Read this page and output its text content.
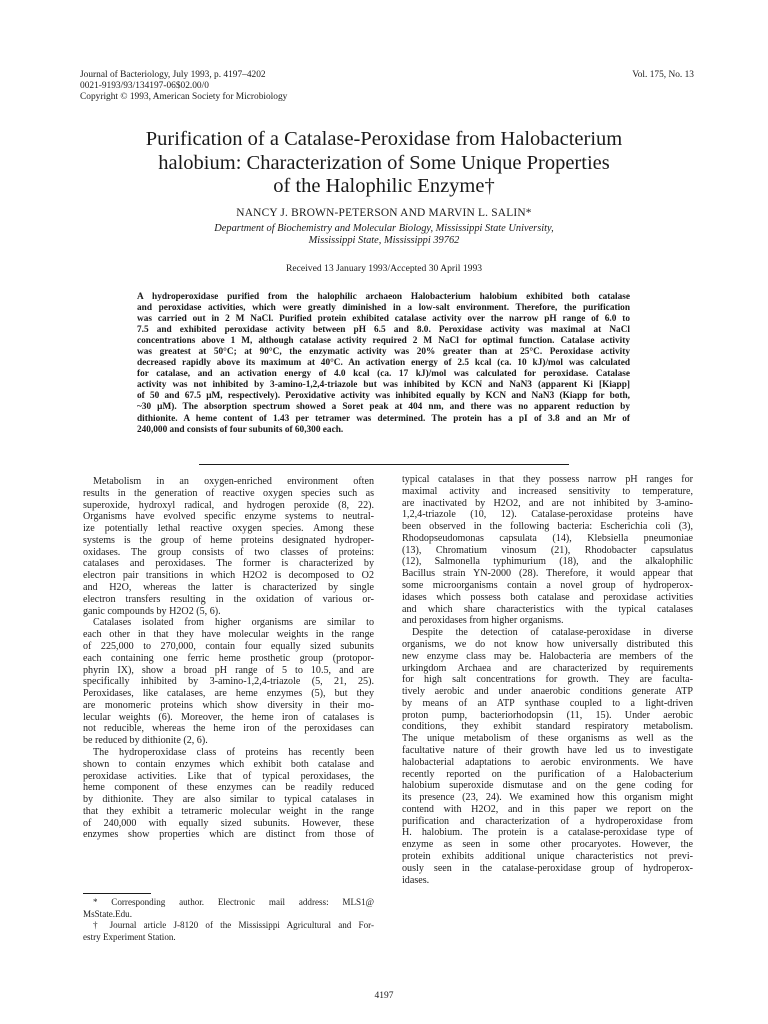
Journal of Bacteriology, July 1993, p. 4197–4202
0021-9193/93/134197-06$02.00/0
Copyright © 1993, American Society for Microbiology
Vol. 175, No. 13
Purification of a Catalase-Peroxidase from Halobacterium
halobium: Characterization of Some Unique Properties
of the Halophilic Enzyme†
NANCY J. BROWN-PETERSON AND MARVIN L. SALIN*
Department of Biochemistry and Molecular Biology, Mississippi State University,
Mississippi State, Mississippi 39762
Received 13 January 1993/Accepted 30 April 1993
A hydroperoxidase purified from the halophilic archaeon Halobacterium halobium exhibited both catalase
and peroxidase activities, which were greatly diminished in a low-salt environment. Therefore, the purification
was carried out in 2 M NaCl. Purified protein exhibited catalase activity over the narrow pH range of 6.0 to
7.5 and exhibited peroxidase activity between pH 6.5 and 8.0. Peroxidase activity was maximal at NaCl
concentrations above 1 M, although catalase activity required 2 M NaCl for optimal function. Catalase activity
was greatest at 50°C; at 90°C, the enzymatic activity was 20% greater than at 25°C. Peroxidase activity
decreased rapidly above its maximum at 40°C. An activation energy of 2.5 kcal (ca. 10 kJ)/mol was calculated
for catalase, and an activation energy of 4.0 kcal (ca. 17 kJ)/mol was calculated for peroxidase. Catalase
activity was not inhibited by 3-amino-1,2,4-triazole but was inhibited by KCN and NaN3 (apparent Ki [Kiapp]
of 50 and 67.5 μM, respectively). Peroxidative activity was inhibited equally by KCN and NaN3 (Kiapp for both,
~30 μM). The absorption spectrum showed a Soret peak at 404 nm, and there was no apparent reduction by
dithionite. A heme content of 1.43 per tetramer was determined. The protein has a pI of 3.8 and an Mr of
240,000 and consists of four subunits of 60,300 each.
Metabolism in an oxygen-enriched environment often
results in the generation of reactive oxygen species such as
superoxide, hydroxyl radical, and hydrogen peroxide (8, 22).
Organisms have evolved specific enzyme systems to neutral-
ize potentially lethal reactive oxygen species. Among these
systems is the group of heme proteins designated hydroper-
oxidases. The group consists of two classes of proteins:
catalases and peroxidases. The former is characterized by
electron pair transitions in which H2O2 is decomposed to O2
and H2O, whereas the latter is characterized by single
electron transfers resulting in the oxidation of various or-
ganic compounds by H2O2 (5, 6).
Catalases isolated from higher organisms are similar to
each other in that they have molecular weights in the range
of 225,000 to 270,000, contain four equally sized subunits
each containing one ferric heme prosthetic group (protopor-
phyrin IX), show a broad pH range of 5 to 10.5, and are
specifically inhibited by 3-amino-1,2,4-triazole (5, 21, 25).
Peroxidases, like catalases, are heme enzymes (5), but they
are monomeric proteins which show diversity in their mo-
lecular weights (6). Moreover, the heme iron of catalases is
not reducible, whereas the heme iron of the peroxidases can
be reduced by dithionite (2, 6).
The hydroperoxidase class of proteins has recently been
shown to contain enzymes which exhibit both catalase and
peroxidase activities. Like that of typical peroxidases, the
heme component of these enzymes can be readily reduced
by dithionite. They are also similar to typical catalases in
that they exhibit a tetrameric molecular weight in the range
of 240,000 with equally sized subunits. However, these
enzymes show properties which are distinct from those of
typical catalases in that they possess narrow pH ranges for
maximal activity and increased sensitivity to temperature,
are inactivated by H2O2, and are not inhibited by 3-amino-
1,2,4-triazole (10, 12). Catalase-peroxidase proteins have
been observed in the following bacteria: Escherichia coli (3),
Rhodopseudomonas capsulata (14), Klebsiella pneumoniae
(13), Chromatium vinosum (21), Rhodobacter capsulatus
(12), Salmonella typhimurium (18), and the alkalophilic
Bacillus strain YN-2000 (28). Therefore, it would appear that
some microorganisms contain a novel group of hydroperox-
idases which possess both catalase and peroxidase activities
and which share characteristics with the typical catalases
and peroxidases from higher organisms.
Despite the detection of catalase-peroxidase in diverse
organisms, we do not know how universally distributed this
new enzyme class may be. Halobacteria are members of the
urkingdom Archaea and are characterized by requirements
for high salt concentrations for growth. They are faculta-
tively aerobic and under anaerobic conditions generate ATP
by means of an ATP synthase coupled to a light-driven
proton pump, bacteriorhodopsin (11, 15). Under aerobic
conditions, they exhibit standard respiratory metabolism.
The unique metabolism of these organisms as well as the
facultative nature of their growth have led us to investigate
halobacterial adaptations to aerobic environments. We have
recently reported on the purification of a Halobacterium
halobium superoxide dismutase and on the gene coding for
its presence (23, 24). We examined how this organism might
contend with H2O2, and in this paper we report on the
purification and characterization of a hydroperoxidase from
H. halobium. The protein is a catalase-peroxidase type of
enzyme as seen in some other procaryotes. However, the
protein exhibits additional unique characteristics not previ-
ously seen in the catalase-peroxidase group of hydroperox-
idases.
* Corresponding author. Electronic mail address: MLS1@
MsState.Edu.
† Journal article J-8120 of the Mississippi Agricultural and For-
estry Experiment Station.
4197
